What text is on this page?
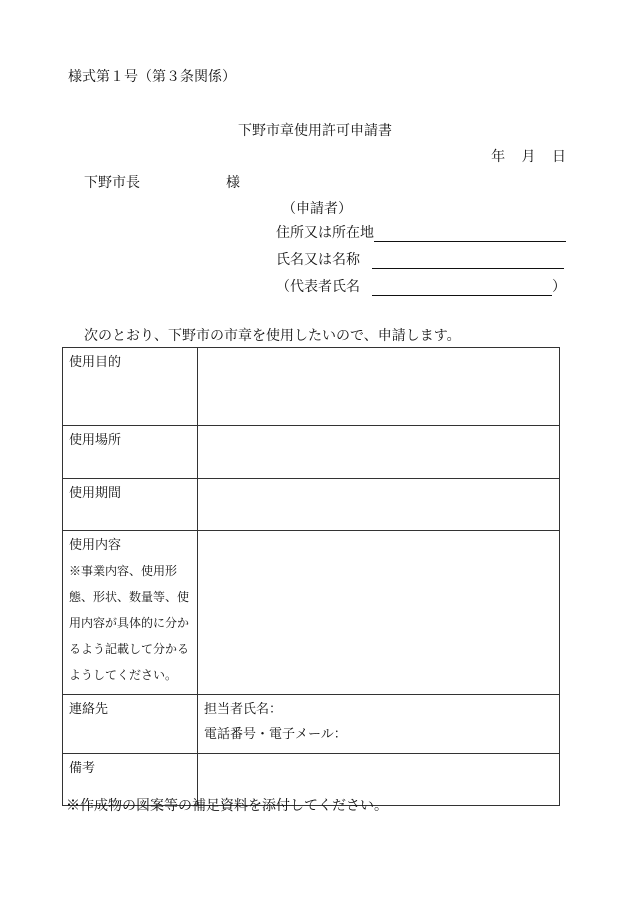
様式第１号（第３条関係）
下野市章使用許可申請書
年 月 日
下野市長	様
（申請者）
住所又は所在地
氏名又は名称
（代表者氏名	）
次のとおり、下野市の市章を使用したいので、申請します。
使用目的	
使用場所	
使用期間	
使用内容
※事業内容、使用形態、形状、数量等、使用内容が具体的に分かるよう記載して分かるようしてください。	

連絡先	担当者氏名：
電話番号・電子メール：

備考	
※作成物の図案等の補足資料を添付してください。
